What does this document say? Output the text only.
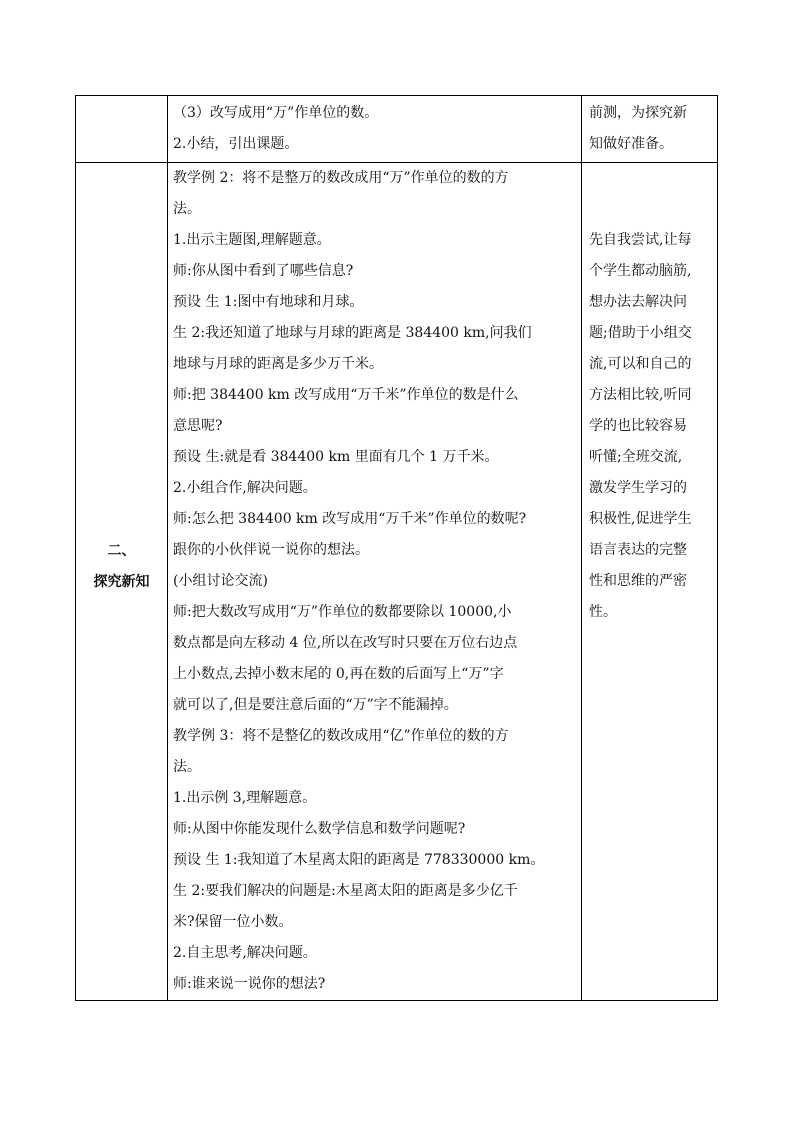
（3）改写成用“万”作单位的数。
2.小结，引出课题。
前测，为探究新
知做好准备。
二、
探究新知
教学例 2：将不是整万的数改成用“万”作单位的数的方
法。
1.出示主题图,理解题意。
师:你从图中看到了哪些信息?
预设 生 1:图中有地球和月球。
生 2:我还知道了地球与月球的距离是 384400 km,问我们
地球与月球的距离是多少万千米。
师:把 384400 km 改写成用“万千米”作单位的数是什么
意思呢?
预设 生:就是看 384400 km 里面有几个 1 万千米。
2.小组合作,解决问题。
师:怎么把 384400 km 改写成用“万千米”作单位的数呢?
跟你的小伙伴说一说你的想法。
(小组讨论交流)
师:把大数改写成用“万”作单位的数都要除以 10000,小
数点都是向左移动 4 位,所以在改写时只要在万位右边点
上小数点,去掉小数末尾的 0,再在数的后面写上“万”字
就可以了,但是要注意后面的“万”字不能漏掉。
教学例 3：将不是整亿的数改成用“亿”作单位的数的方
法。
1.出示例 3,理解题意。
师:从图中你能发现什么数学信息和数学问题呢?
预设 生 1:我知道了木星离太阳的距离是 778330000 km。
生 2:要我们解决的问题是:木星离太阳的距离是多少亿千
米?保留一位小数。
2.自主思考,解决问题。
师:谁来说一说你的想法?
先自我尝试,让每
个学生都动脑筋,
想办法去解决问
题;借助于小组交
流,可以和自己的
方法相比较,听同
学的也比较容易
听懂;全班交流,
激发学生学习的
积极性,促进学生
语言表达的完整
性和思维的严密
性。
